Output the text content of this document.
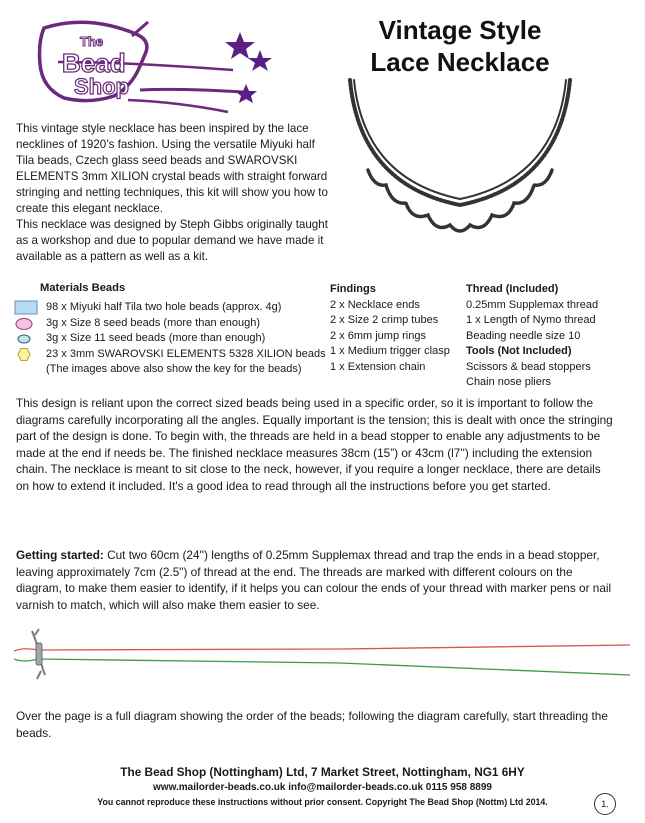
The
Bead
Shop
Vintage Style
Lace Necklace

This vintage style necklace has been inspired by the lace necklines of 1920’s fashion. Using the versatile Miyuki half Tila beads, Czech glass seed beads and SWAROVSKI ELEMENTS 3mm XILION crystal beads with straight forward stringing and netting techniques, this kit will show you how to create this elegant necklace.

This necklace was designed by Steph Gibbs originally taught as a workshop and due to popular demand we have made it available as a pattern as well as a kit.

Materials Beads
98 x Miyuki half Tila two hole beads (approx. 4g)
3g x Size 8 seed beads (more than enough)
3g x Size 11 seed beads (more than enough)
23 x 3mm SWAROVSKI ELEMENTS 5328 XILION beads
(The images above also show the key for the beads)
Findings
2 x Necklace ends
2 x Size 2 crimp tubes
2 x 6mm jump rings
1 x Medium trigger clasp
1 x Extension chain
Thread (Included)
0.25mm Supplemax thread
1 x Length of Nymo thread
Beading needle size 10
Tools (Not Included)
Scissors & bead stoppers
Chain nose pliers

This design is reliant upon the correct sized beads being used in a specific order, so it is important to follow the diagrams carefully incorporating all the angles. Equally important is the tension; this is dealt with once the stringing part of the design is done. To begin with, the threads are held in a bead stopper to enable any adjustments to be made at the end if needs be. The finished necklace measures 38cm (15”) or 43cm (l7'') including the extension chain. The necklace is meant to sit close to the neck, however, if you require a longer necklace, there are details on how to extend it included. It's a good idea to read through all the instructions before you get started.

Getting started: Cut two 60cm (24'') lengths of 0.25mm Supplemax thread and trap the ends in a bead stopper, leaving approximately 7cm (2.5") of thread at the end. The threads are marked with different colours on the diagram, to make them easier to identify, if it helps you can colour the ends of your thread with marker pens or nail varnish to match, which will also make them easier to see.

Over the page is a full diagram showing the order of the beads; following the diagram carefully, start threading the beads.

The Bead Shop (Nottingham) Ltd, 7 Market Street, Nottingham, NG1 6HY
www.mailorder-beads.co.uk info@mailorder-beads.co.uk 0115 958 8899
You cannot reproduce these instructions without prior consent. Copyright The Bead Shop (Nottm) Ltd 2014.	1.
